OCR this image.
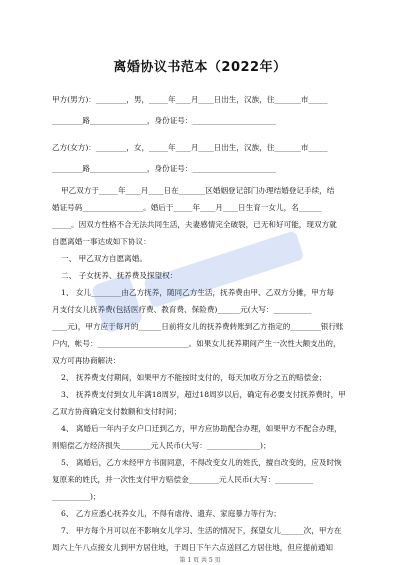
离婚协议书范本（2022年）
甲方(男方)：________，男，_____年____月____日出生，汉族，住_______市_____
________路_______________，身份证号：______________________
乙方(女方)：________，女，_____年____月____日出生，汉族，住_______市_____
________路_______________，身份证号：______________________
甲乙双方于_____年____月____日在_______区婚姻登记部门办理结婚登记手续，结
婚证号码________________。婚后于_____年____月____日生育一女儿，名______
_____。因双方性格不合无法共同生活，夫妻感情完全破裂，已无和好可能，现双方就
自愿离婚一事达成如下协议：
一、 甲乙双方自愿离婚。
二、 子女抚养、抚养费及探望权：
1、 女儿________由乙方抚养，随同乙方生活，抚养费由甲、乙双方分摊，甲方每
月支付女儿抚养费(包括医疗费、教育费、保险费)______元(大写：__________
____元)，甲方应于每月的______日前将女儿的抚养费转账到乙方指定的________银行账
户内，帐号：________________________。如果女儿抚养期间产生一次性大额支出的，
双方可再协商解决：
2、 抚养费支付期间，如果甲方不能按时支付的，每天加收万分之五的赔偿金；
3、 抚养费支付到女儿年满18周岁，超过18周岁以后，确定有必要支付抚养费时，甲
乙双方协商确定支付数额和支付时间；
4、 离婚后一年内子女户口迁到乙方，甲方应协助配合办理，如果甲方不配合办理，
则赔偿乙方经济损失________元人民币(大写：______________)；
5、 离婚后，乙方未经甲方书面同意，不得改变女儿的姓氏，擅自改变的，应及时恢
复原来的姓氏，并一次性支付甲方赔偿金________元人民币(大写：__________
__________)；
6、 乙方应悉心抚养女儿，不得有虐待、遗弃、家庭暴力等行为；
7、 甲方每个月可以在不影响女儿学习、生活的情况下，探望女儿______次，甲方在
周六上午八点接女儿到甲方居住地，于周日下午六点送回乙方居住地，但应提前通知
第 1 页 共 5 页
